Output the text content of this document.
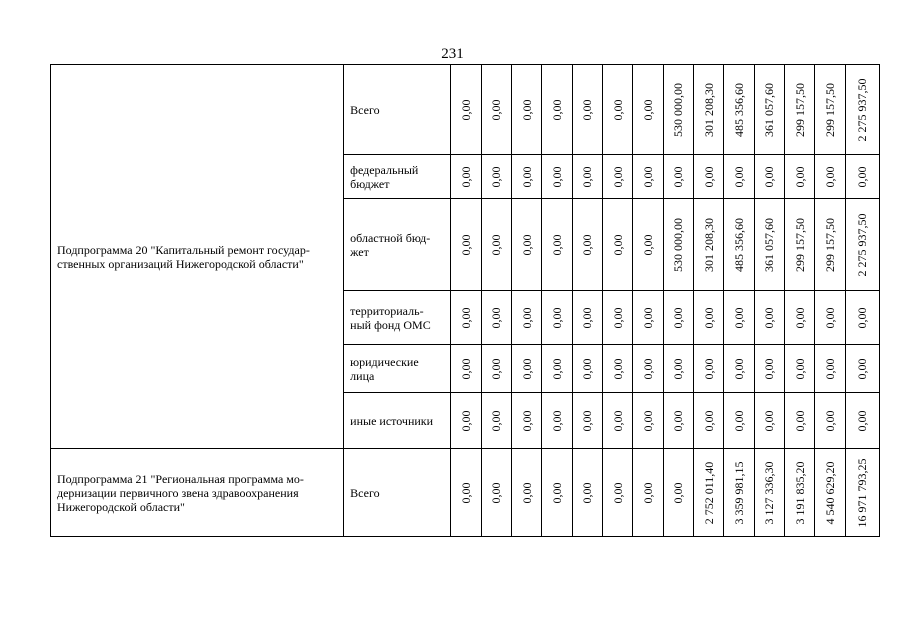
231
Подпрограмма 20 "Капитальный ремонт государ-ственных организаций Нижегородской области"	Всего	0,00	0,00	0,00	0,00	0,00	0,00	0,00	530 000,00	301 208,30	485 356,60	361 057,60	299 157,50	299 157,50	2 275 937,50

	федеральный бюджет	0,00	0,00	0,00	0,00	0,00	0,00	0,00	0,00	0,00	0,00	0,00	0,00	0,00	0,00

	областной бюд-жет	0,00	0,00	0,00	0,00	0,00	0,00	0,00	530 000,00	301 208,30	485 356,60	361 057,60	299 157,50	299 157,50	2 275 937,50

	территориаль-ный фонд ОМС	0,00	0,00	0,00	0,00	0,00	0,00	0,00	0,00	0,00	0,00	0,00	0,00	0,00	0,00

	юридические лица	0,00	0,00	0,00	0,00	0,00	0,00	0,00	0,00	0,00	0,00	0,00	0,00	0,00	0,00

	иные источники	0,00	0,00	0,00	0,00	0,00	0,00	0,00	0,00	0,00	0,00	0,00	0,00	0,00	0,00

Подпрограмма 21 "Региональная программа мо-дернизации первичного звена здравоохранения Нижегородской области"	Всего	0,00	0,00	0,00	0,00	0,00	0,00	0,00	0,00	2 752 011,40	3 359 981,15	3 127 336,30	3 191 835,20	4 540 629,20	16 971 793,25
